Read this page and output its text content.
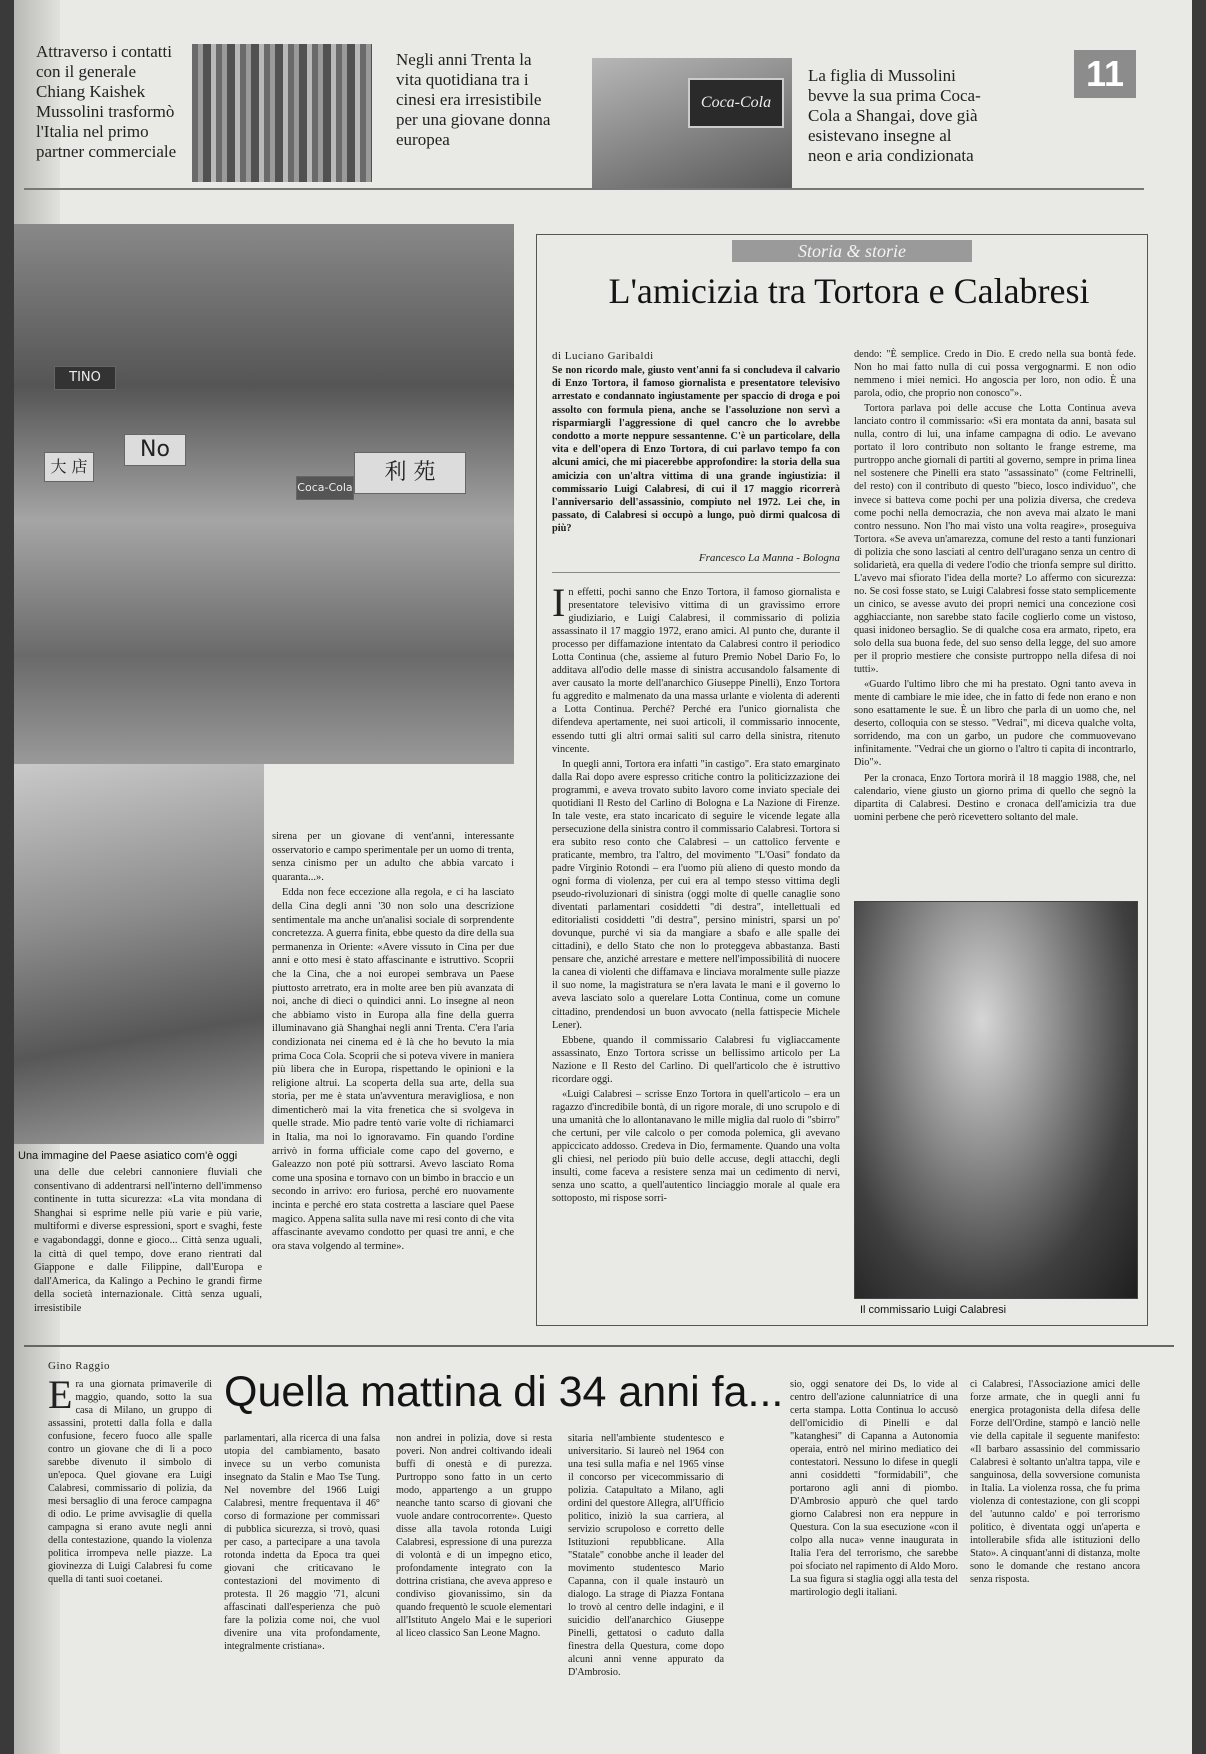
Attraverso i contatti con il generale Chiang Kaishek Mussolini trasformò l'Italia nel primo partner commerciale
Negli anni Trenta la vita quotidiana tra i cinesi era irresistibile per una giovane donna europea
Coca-Cola
La figlia di Mussolini bevve la sua prima Coca-Cola a Shangai, dove già esistevano insegne al neon e aria condizionata
11
利 苑
Coca-Cola
No
TINO
大 店
Una immagine del Paese asiatico com'è oggi
una delle due celebri cannoniere fluviali che consentivano di addentrarsi nell'interno dell'immenso continente in tutta sicurezza: «La vita mondana di Shanghai si esprime nelle più varie e più varie, multiformi e diverse espressioni, sport e svaghi, feste e vagabondaggi, donne e gioco... Città senza uguali, la città di quel tempo, dove erano rientrati dal Giappone e dalle Filippine, dall'Europa e dall'America, da Kalingo a Pechino le grandi firme della società internazionale. Città senza uguali, irresistibile

sirena per un giovane di vent'anni, interessante osservatorio e campo sperimentale per un uomo di trenta, senza cinismo per un adulto che abbia varcato i quaranta...».

Edda non fece eccezione alla regola, e ci ha lasciato della Cina degli anni '30 non solo una descrizione sentimentale ma anche un'analisi sociale di sorprendente concretezza. A guerra finita, ebbe questo da dire della sua permanenza in Oriente: «Avere vissuto in Cina per due anni e otto mesi è stato affascinante e istruttivo. Scoprii che la Cina, che a noi europei sembrava un Paese piuttosto arretrato, era in molte aree ben più avanzata di noi, anche di dieci o quindici anni. Lo insegne al neon che abbiamo visto in Europa alla fine della guerra illuminavano già Shanghai negli anni Trenta. C'era l'aria condizionata nei cinema ed è là che ho bevuto la mia prima Coca Cola. Scoprii che si poteva vivere in maniera più libera che in Europa, rispettando le opinioni e la religione altrui. La scoperta della sua arte, della sua storia, per me è stata un'avventura meravigliosa, e non dimenticherò mai la vita frenetica che si svolgeva in quelle strade. Mio padre tentò varie volte di richiamarci in Italia, ma noi lo ignoravamo. Fin quando l'ordine arrivò in forma ufficiale come capo del governo, e Galeazzo non poté più sottrarsi. Avevo lasciato Roma come una sposina e tornavo con un bimbo in braccio e un secondo in arrivo: ero furiosa, perché ero nuovamente incinta e perché ero stata costretta a lasciare quel Paese magico. Appena salita sulla nave mi resi conto di che vita affascinante avevamo condotto per quasi tre anni, e che ora stava volgendo al termine».

Storia & storie
L'amicizia tra Tortora e Calabresi
di Luciano Garibaldi
Se non ricordo male, giusto vent'anni fa si concludeva il calvario di Enzo Tortora, il famoso giornalista e presentatore televisivo arrestato e condannato ingiustamente per spaccio di droga e poi assolto con formula piena, anche se l'assoluzione non servì a risparmiargli l'aggressione di quel cancro che lo avrebbe condotto a morte neppure sessantenne. C'è un particolare, della vita e dell'opera di Enzo Tortora, di cui parlavo tempo fa con alcuni amici, che mi piacerebbe approfondire: la storia della sua amicizia con un'altra vittima di una grande ingiustizia: il commissario Luigi Calabresi, di cui il 17 maggio ricorrerà l'anniversario dell'assassinio, compiuto nel 1972. Lei che, in passato, di Calabresi si occupò a lungo, può dirmi qualcosa di più?
Francesco La Manna - Bologna

In effetti, pochi sanno che Enzo Tortora, il famoso giornalista e presentatore televisivo vittima di un gravissimo errore giudiziario, e Luigi Calabresi, il commissario di polizia assassinato il 17 maggio 1972, erano amici. Al punto che, durante il processo per diffamazione intentato da Calabresi contro il periodico Lotta Continua (che, assieme al futuro Premio Nobel Dario Fo, lo additava all'odio delle masse di sinistra accusandolo falsamente di aver causato la morte dell'anarchico Giuseppe Pinelli), Enzo Tortora fu aggredito e malmenato da una massa urlante e violenta di aderenti a Lotta Continua. Perché? Perché era l'unico giornalista che difendeva apertamente, nei suoi articoli, il commissario innocente, essendo tutti gli altri ormai saliti sul carro della sinistra, ritenuto vincente.

In quegli anni, Tortora era infatti "in castigo". Era stato emarginato dalla Rai dopo avere espresso critiche contro la politicizzazione dei programmi, e aveva trovato subito lavoro come inviato speciale dei quotidiani Il Resto del Carlino di Bologna e La Nazione di Firenze. In tale veste, era stato incaricato di seguire le vicende legate alla persecuzione della sinistra contro il commissario Calabresi. Tortora si era subito reso conto che Calabresi – un cattolico fervente e praticante, membro, tra l'altro, del movimento "L'Oasi" fondato da padre Virginio Rotondi – era l'uomo più alieno di questo mondo da ogni forma di violenza, per cui era al tempo stesso vittima degli pseudo-rivoluzionari di sinistra (oggi molte di quelle canaglie sono diventati parlamentari cosiddetti "di destra", intellettuali ed editorialisti cosiddetti "di destra", persino ministri, sparsi un po' dovunque, purché vi sia da mangiare a sbafo e alle spalle dei cittadini), e dello Stato che non lo proteggeva abbastanza. Basti pensare che, anziché arrestare e mettere nell'impossibilità di nuocere la canea di violenti che diffamava e linciava moralmente sulle piazze il suo nome, la magistratura se n'era lavata le mani e il governo lo aveva lasciato solo a querelare Lotta Continua, come un comune cittadino, prendendosi un buon avvocato (nella fattispecie Michele Lener).

Ebbene, quando il commissario Calabresi fu vigliaccamente assassinato, Enzo Tortora scrisse un bellissimo articolo per La Nazione e Il Resto del Carlino. Di quell'articolo che è istruttivo ricordare oggi.

«Luigi Calabresi – scrisse Enzo Tortora in quell'articolo – era un ragazzo d'incredibile bontà, di un rigore morale, di uno scrupolo e di una umanità che lo allontanavano le mille miglia dal ruolo di "sbirro" che certuni, per vile calcolo o per comoda polemica, gli avevano appiccicato addosso. Credeva in Dio, fermamente. Quando una volta gli chiesi, nel periodo più buio delle accuse, degli attacchi, degli insulti, come faceva a resistere senza mai un cedimento di nervi, senza uno scatto, a quell'autentico linciaggio morale al quale era sottoposto, mi rispose sorri-

dendo: "È semplice. Credo in Dio. E credo nella sua bontà fede. Non ho mai fatto nulla di cui possa vergognarmi. E non odio nemmeno i miei nemici. Ho angoscia per loro, non odio. È una parola, odio, che proprio non conosco"».

Tortora parlava poi delle accuse che Lotta Continua aveva lanciato contro il commissario: «Si era montata da anni, basata sul nulla, contro di lui, una infame campagna di odio. Le avevano portato il loro contributo non soltanto le frange estreme, ma purtroppo anche giornali di partiti al governo, sempre in prima linea nel sostenere che Pinelli era stato "assassinato" (come Feltrinelli, del resto) con il contributo di questo "bieco, losco individuo", che invece si batteva come pochi per una polizia diversa, che credeva come pochi nella democrazia, che non aveva mai alzato le mani contro nessuno. Non l'ho mai visto una volta reagire», proseguiva Tortora. «Se aveva un'amarezza, comune del resto a tanti funzionari di polizia che sono lasciati al centro dell'uragano senza un centro di solidarietà, era quella di vedere l'odio che trionfa sempre sul diritto. L'avevo mai sfiorato l'idea della morte? Lo affermo con sicurezza: no. Se così fosse stato, se Luigi Calabresi fosse stato semplicemente un cinico, se avesse avuto dei propri nemici una concezione così agghiacciante, non sarebbe stato facile coglierlo come un vistoso, quasi inidoneo bersaglio. Se di qualche cosa era armato, ripeto, era solo della sua buona fede, del suo senso della legge, del suo amore per il proprio mestiere che consiste purtroppo nella difesa di noi tutti».

«Guardo l'ultimo libro che mi ha prestato. Ogni tanto aveva in mente di cambiare le mie idee, che in fatto di fede non erano e non sono esattamente le sue. È un libro che parla di un uomo che, nel deserto, colloquia con se stesso. "Vedrai", mi diceva qualche volta, sorridendo, ma con un garbo, un pudore che commuovevano infinitamente. "Vedrai che un giorno o l'altro ti capita di incontrarlo, Dio"».

Per la cronaca, Enzo Tortora morirà il 18 maggio 1988, che, nel calendario, viene giusto un giorno prima di quello che segnò la dipartita di Calabresi. Destino e cronaca dell'amicizia tra due uomini perbene che però ricevettero soltanto del male.

Il commissario Luigi Calabresi
Gino Raggio
Quella mattina di 34 anni fa...

Era una giornata primaverile di maggio, quando, sotto la sua casa di Milano, un gruppo di assassini, protetti dalla folla e dalla confusione, fecero fuoco alle spalle contro un giovane che di lì a poco sarebbe divenuto il simbolo di un'epoca. Quel giovane era Luigi Calabresi, commissario di polizia, da mesi bersaglio di una feroce campagna di odio. Le prime avvisaglie di quella campagna si erano avute negli anni della contestazione, quando la violenza politica irrompeva nelle piazze. La giovinezza di Luigi Calabresi fu come quella di tanti suoi coetanei.

parlamentari, alla ricerca di una falsa utopia del cambiamento, basato invece su un verbo comunista insegnato da Stalin e Mao Tse Tung. Nel novembre del 1966 Luigi Calabresi, mentre frequentava il 46° corso di formazione per commissari di pubblica sicurezza, si trovò, quasi per caso, a partecipare a una tavola rotonda indetta da Epoca tra quei giovani che criticavano le contestazioni del movimento di protesta. Il 26 maggio '71, alcuni affascinati dall'esperienza che può fare la polizia come noi, che vuol divenire una vita profondamente, integralmente cristiana».
non andrei in polizia, dove si resta poveri. Non andrei coltivando ideali buffi di onestà e di purezza. Purtroppo sono fatto in un certo modo, appartengo a un gruppo neanche tanto scarso di giovani che vuole andare controcorrente». Questo disse alla tavola rotonda Luigi Calabresi, espressione di una purezza di volontà e di un impegno etico, profondamente integrato con la dottrina cristiana, che aveva appreso e condiviso giovanissimo, sin da quando frequentò le scuole elementari all'Istituto Angelo Mai e le superiori al liceo classico San Leone Magno.
sitaria nell'ambiente studentesco e universitario. Si laureò nel 1964 con una tesi sulla mafia e nel 1965 vinse il concorso per vicecommissario di polizia. Catapultato a Milano, agli ordini del questore Allegra, all'Ufficio politico, iniziò la sua carriera, al servizio scrupoloso e corretto delle Istituzioni repubblicane. Alla "Statale" conobbe anche il leader del movimento studentesco Mario Capanna, con il quale instaurò un dialogo. La strage di Piazza Fontana lo trovò al centro delle indagini, e il suicidio dell'anarchico Giuseppe Pinelli, gettatosi o caduto dalla finestra della Questura, come dopo alcuni anni venne appurato da D'Ambrosio.
sio, oggi senatore dei Ds, lo vide al centro dell'azione calunniatrice di una certa stampa. Lotta Continua lo accusò dell'omicidio di Pinelli e dal "katanghesi" di Capanna a Autonomia operaia, entrò nel mirino mediatico dei contestatori. Nessuno lo difese in quegli anni cosiddetti "formidabili", che portarono agli anni di piombo. D'Ambrosio appurò che quel tardo giorno Calabresi non era neppure in Questura. Con la sua esecuzione «con il colpo alla nuca» venne inaugurata in Italia l'era del terrorismo, che sarebbe poi sfociato nel rapimento di Aldo Moro. La sua figura si staglia oggi alla testa del martirologio degli italiani.
ci Calabresi, l'Associazione amici delle forze armate, che in quegli anni fu energica protagonista della difesa delle Forze dell'Ordine, stampò e lanciò nelle vie della capitale il seguente manifesto: «Il barbaro assassinio del commissario Calabresi è soltanto un'altra tappa, vile e sanguinosa, della sovversione comunista in Italia. La violenza rossa, che fu prima violenza di contestazione, con gli scoppi del 'autunno caldo' e poi terrorismo politico, è diventata oggi un'aperta e intollerabile sfida alle istituzioni dello Stato». A cinquant'anni di distanza, molte sono le domande che restano ancora senza risposta.
